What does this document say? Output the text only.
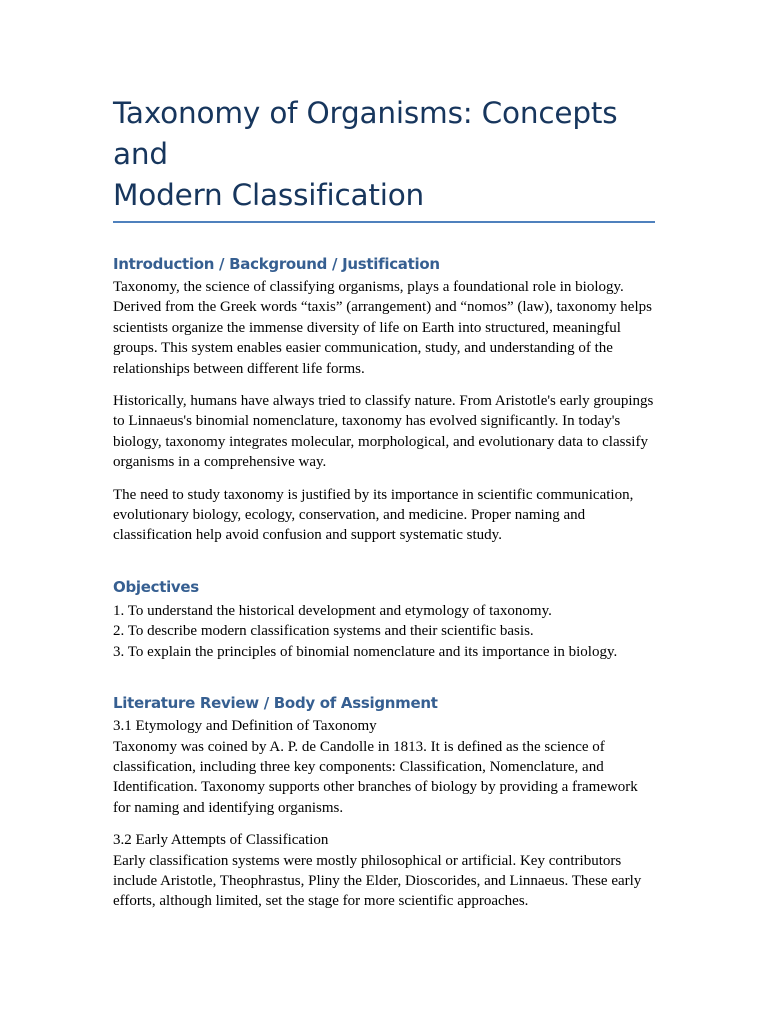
Taxonomy of Organisms: Concepts and
Modern Classification
Introduction / Background / Justification

Taxonomy, the science of classifying organisms, plays a foundational role in biology. Derived from the Greek words “taxis” (arrangement) and “nomos” (law), taxonomy helps scientists organize the immense diversity of life on Earth into structured, meaningful groups. This system enables easier communication, study, and understanding of the relationships between different life forms.

Historically, humans have always tried to classify nature. From Aristotle's early groupings to Linnaeus's binomial nomenclature, taxonomy has evolved significantly. In today's biology, taxonomy integrates molecular, morphological, and evolutionary data to classify organisms in a comprehensive way.

The need to study taxonomy is justified by its importance in scientific communication, evolutionary biology, ecology, conservation, and medicine. Proper naming and classification help avoid confusion and support systematic study.

Objectives

1. To understand the historical development and etymology of taxonomy.

2. To describe modern classification systems and their scientific basis.

3. To explain the principles of binomial nomenclature and its importance in biology.

Literature Review / Body of Assignment

3.1 Etymology and Definition of Taxonomy

Taxonomy was coined by A. P. de Candolle in 1813. It is defined as the science of classification, including three key components: Classification, Nomenclature, and Identification. Taxonomy supports other branches of biology by providing a framework for naming and identifying organisms.

3.2 Early Attempts of Classification

Early classification systems were mostly philosophical or artificial. Key contributors include Aristotle, Theophrastus, Pliny the Elder, Dioscorides, and Linnaeus. These early efforts, although limited, set the stage for more scientific approaches.
